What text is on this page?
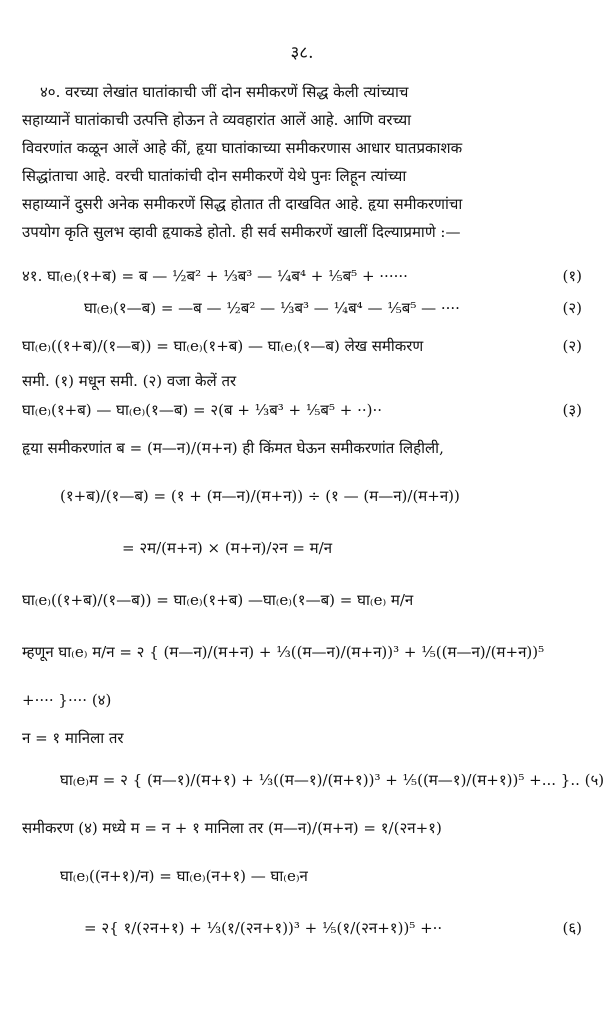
३८.
४०. वरच्या लेखांत घातांकाची जीं दोन समीकरणें सिद्ध केली त्यांच्याच
सहाय्यानें घातांकाची उत्पत्ति होऊन ते व्यवहारांत आलें आहे. आणि वरच्या
विवरणांत कळून आलें आहे कीं, हृया घातांकाच्या समीकरणास आधार घातप्रकाशक
सिद्धांताचा आहे. वरची घातांकांची दोन समीकरणें येथे पुनः लिहून त्यांच्या
सहाय्यानें दुसरी अनेक समीकरणें सिद्ध होतात ती दाखवित आहे. हृया समीकरणांचा
उपयोग कृति सुलभ व्हावी हृयाकडे होतो. ही सर्व समीकरणें खालीं दिल्याप्रमाणे :—
४१. घा₍e₎(१+ब) = ब — ½ब² + ⅓ब³ — ¼ब⁴ + ⅕ब⁵ + ······	(१)
घा₍e₎(१—ब) = —ब — ½ब² — ⅓ब³ — ¼ब⁴ — ⅕ब⁵ — ····	(२)
घा₍e₎((१+ब)/(१—ब)) = घा₍e₎(१+ब) — घा₍e₎(१—ब) लेख समीकरण	(२)
समी. (१) मधून समी. (२) वजा केलें तर
घा₍e₎(१+ब) — घा₍e₎(१—ब) = २(ब + ⅓ब³ + ⅕ब⁵ + ··)··	(३)
हृया समीकरणांत ब = (म—न)/(म+न) ही किंमत घेऊन समीकरणांत लिहीली,
(१+ब)/(१—ब) = (१ + (म—न)/(म+न)) ÷ (१ — (म—न)/(म+न))
= २म/(म+न) × (म+न)/२न = म/न
घा₍e₎((१+ब)/(१—ब)) = घा₍e₎(१+ब) —घा₍e₎(१—ब) = घा₍e₎ म/न
म्हणून घा₍e₎ म/न = २ { (म—न)/(म+न) + ⅓((म—न)/(म+न))³ + ⅕((म—न)/(म+न))⁵
+···· }···· (४)
न = १ मानिला तर
घा₍e₎म = २ { (म—१)/(म+१) + ⅓((म—१)/(म+१))³ + ⅕((म—१)/(म+१))⁵ +... }.. (५)
समीकरण (४) मध्ये म = न + १ मानिला तर (म—न)/(म+न) = १/(२न+१)
घा₍e₎((न+१)/न) = घा₍e₎(न+१) — घा₍e₎न
= २{ १/(२न+१) + ⅓(१/(२न+१))³ + ⅕(१/(२न+१))⁵ +··	(६)
